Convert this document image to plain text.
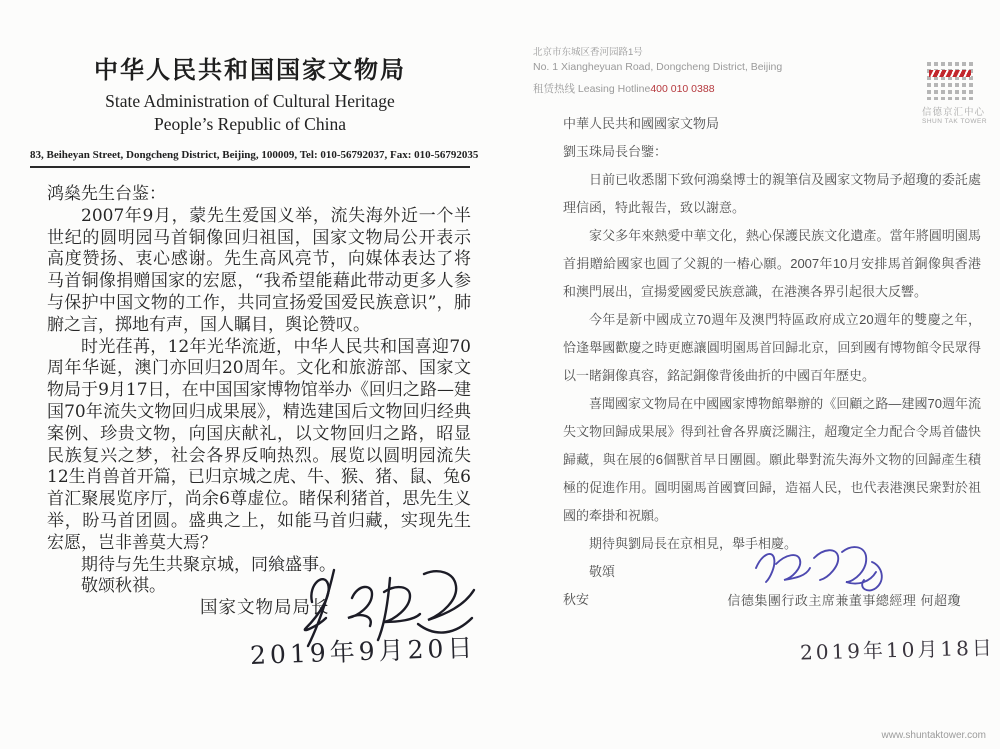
中华人民共和国国家文物局
State Administration of Cultural Heritage
People’s Republic of China
83, Beiheyan Street, Dongcheng District, Beijing, 100009, Tel: 010-56792037, Fax: 010-56792035

鸿燊先生台鉴：

2007年9月，蒙先生爱国义举，流失海外近一个半世纪的圆明园马首铜像回归祖国，国家文物局公开表示高度赞扬、衷心感谢。先生高风亮节，向媒体表达了将马首铜像捐赠国家的宏愿，“我希望能藉此带动更多人参与保护中国文物的工作，共同宣扬爱国爱民族意识”，肺腑之言，掷地有声，国人瞩目，舆论赞叹。

时光荏苒，12年光华流逝，中华人民共和国喜迎70周年华诞，澳门亦回归20周年。文化和旅游部、国家文物局于9月17日，在中国国家博物馆举办《回归之路—建国70年流失文物回归成果展》，精选建国后文物回归经典案例、珍贵文物，向国庆献礼，以文物回归之路，昭显民族复兴之梦，社会各界反响热烈。展览以圆明园流失12生肖兽首开篇，已归京城之虎、牛、猴、猪、鼠、兔6首汇聚展览序厅，尚余6尊虚位。睹保利猪首，思先生义举，盼马首团圆。盛典之上，如能马首归藏，实现先生宏愿，岂非善莫大焉？

期待与先生共聚京城，同飨盛事。

敬颂秋祺。

国家文物局局长
2019年9月20日
北京市东城区香河园路1号
No. 1 Xiangheyuan Road, Dongcheng District, Beijing
租赁热线 Leasing Hotline400 010 0388
信德京汇中心
SHUN TAK TOWER

中華人民共和國國家文物局

劉玉珠局長台鑒：

日前已收悉閣下致何鴻燊博士的親筆信及國家文物局予超瓊的委託處理信函，特此報告，致以謝意。

家父多年來熱愛中華文化，熱心保護民族文化遺產。當年將圓明園馬首捐贈給國家也圓了父親的一樁心願。2007年10月安排馬首銅像與香港和澳門展出，宣揚愛國愛民族意識，在港澳各界引起很大反響。

今年是新中國成立70週年及澳門特區政府成立20週年的雙慶之年，恰逢舉國歡慶之時更應讓圓明園馬首回歸北京，回到國有博物館令民眾得以一睹銅像真容，銘記銅像背後曲折的中國百年歷史。

喜聞國家文物局在中國國家博物館舉辦的《回顧之路—建國70週年流失文物回歸成果展》得到社會各界廣泛關注，超瓊定全力配合令馬首儘快歸藏，與在展的6個獸首早日團圓。願此舉對流失海外文物的回歸產生積極的促進作用。圓明園馬首國寶回歸，造福人民，也代表港澳民衆對於祖國的牽掛和祝願。

期待與劉局長在京相見，舉手相慶。

敬頌

秋安	信德集團行政主席兼董事總經理 何超瓊
2019年10月18日
www.shuntaktower.com
